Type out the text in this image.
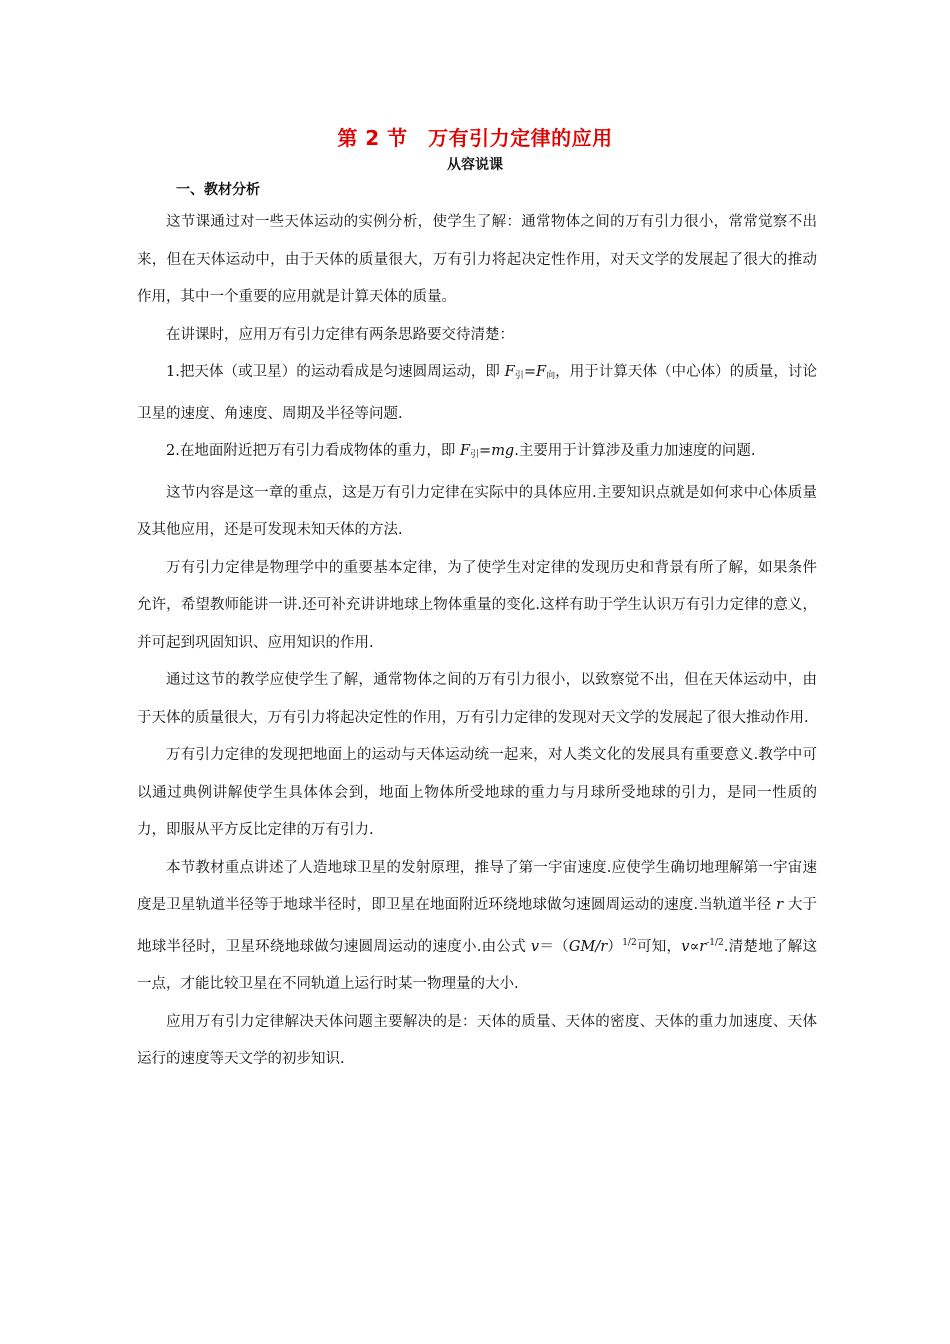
第 2 节　万有引力定律的应用
从容说课
一、教材分析

这节课通过对一些天体运动的实例分析，使学生了解：通常物体之间的万有引力很小，常常觉察不出来，但在天体运动中，由于天体的质量很大，万有引力将起决定性作用，对天文学的发展起了很大的推动作用，其中一个重要的应用就是计算天体的质量。

在讲课时，应用万有引力定律有两条思路要交待清楚：

1.把天体（或卫星）的运动看成是匀速圆周运动，即 $F_引=F_向$，用于计算天体（中心体）的质量，讨论卫星的速度、角速度、周期及半径等问题.

2.在地面附近把万有引力看成物体的重力，即 $F_引=mg$.主要用于计算涉及重力加速度的问题.

这节内容是这一章的重点，这是万有引力定律在实际中的具体应用.主要知识点就是如何求中心体质量及其他应用，还是可发现未知天体的方法.

万有引力定律是物理学中的重要基本定律，为了使学生对定律的发现历史和背景有所了解，如果条件允许，希望教师能讲一讲.还可补充讲讲地球上物体重量的变化.这样有助于学生认识万有引力定律的意义，并可起到巩固知识、应用知识的作用.

通过这节的教学应使学生了解，通常物体之间的万有引力很小，以致察觉不出，但在天体运动中，由于天体的质量很大，万有引力将起决定性的作用，万有引力定律的发现对天文学的发展起了很大推动作用.

万有引力定律的发现把地面上的运动与天体运动统一起来，对人类文化的发展具有重要意义.教学中可以通过典例讲解使学生具体体会到，地面上物体所受地球的重力与月球所受地球的引力，是同一性质的力，即服从平方反比定律的万有引力.

本节教材重点讲述了人造地球卫星的发射原理，推导了第一宇宙速度.应使学生确切地理解第一宇宙速度是卫星轨道半径等于地球半径时，即卫星在地面附近环绕地球做匀速圆周运动的速度.当轨道半径 r 大于地球半径时，卫星环绕地球做匀速圆周运动的速度小.由公式 $v=(GM/r)^{1/2}$可知，$v\propto r^{-1/2}$.清楚地了解这一点，才能比较卫星在不同轨道上运行时某一物理量的大小.

应用万有引力定律解决天体问题主要解决的是：天体的质量、天体的密度、天体的重力加速度、天体运行的速度等天文学的初步知识.
